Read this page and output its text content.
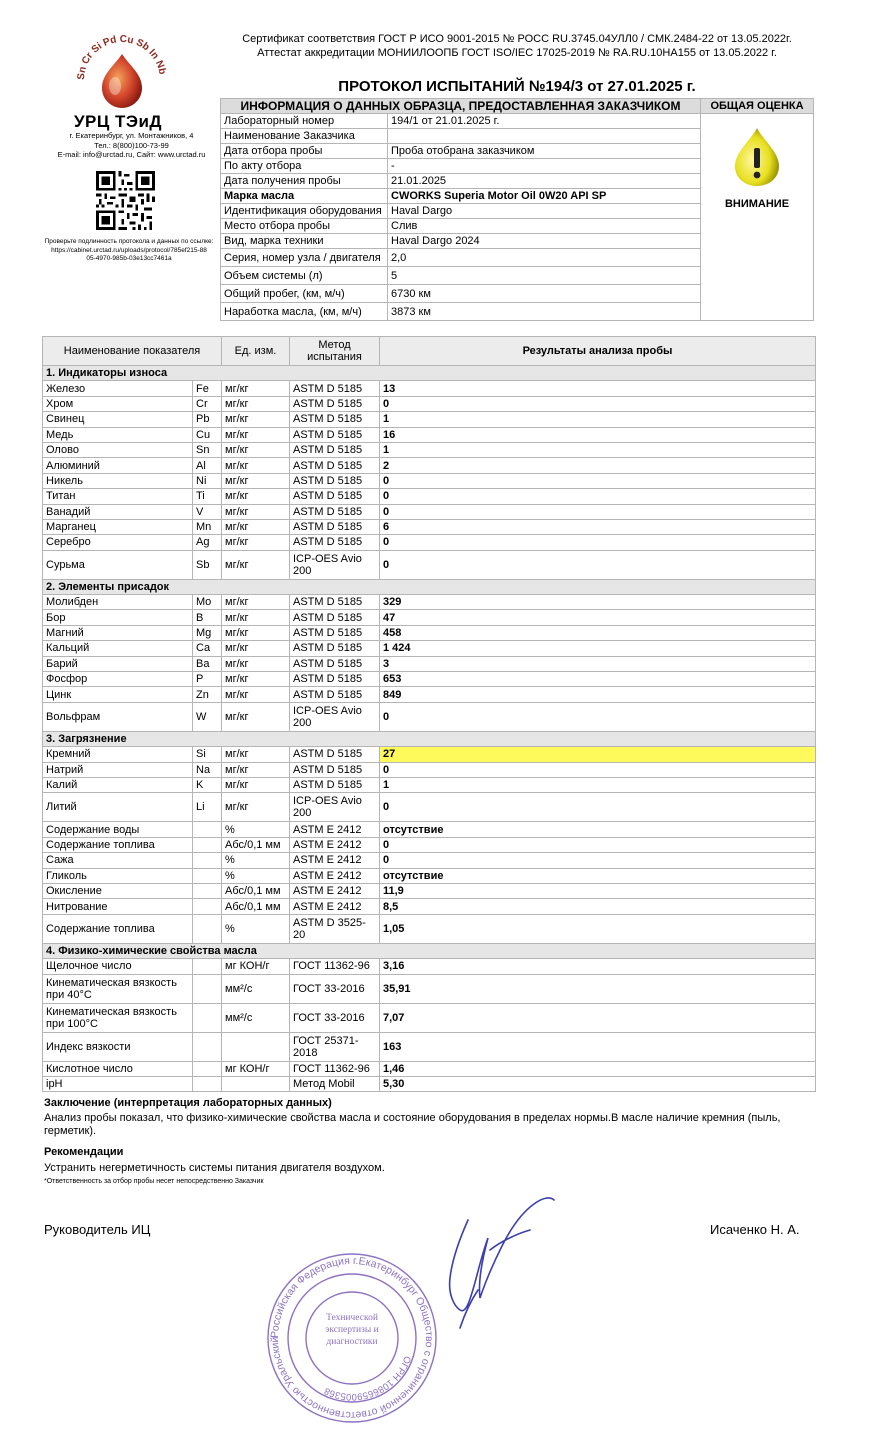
Сертификат соответствия ГОСТ Р ИСО 9001-2015 № РОСС RU.3745.04УЛЛ0 / СМК.2484-22 от 13.05.2022г.
Аттестат аккредитации МОНИИЛООПБ ГОСТ ISO/IEC 17025-2019 № RA.RU.10НА155 от 13.05.2022 г.
Sn Cr Si Pd Cu Sb In Nb
УРЦ ТЭиД
г. Екатеринбург, ул. Монтажников, 4
Тел.: 8(800)100-73-99
E-mail: info@urctad.ru, Сайт: www.urctad.ru
Проверьте подлинность протокола и данных по ссылке:
https://cabinet.urctad.ru/uploads/protocol/785ef215-88
05-4970-985b-03e13cc7461a
ПРОТОКОЛ ИСПЫТАНИЙ №194/3 от 27.01.2025 г.
ИНФОРМАЦИЯ О ДАННЫХ ОБРАЗЦА, ПРЕДОСТАВЛЕННАЯ ЗАКАЗЧИКОМ		ОБЩАЯ ОЦЕНКА
Лабораторный номер	194/1 от 21.01.2025 г.	ВНИМАНИЕ

Наименование Заказчика		
Дата отбора пробы	Проба отобрана заказчиком	
По акту отбора	-	
Дата получения пробы	21.01.2025	
Марка масла	CWORKS Superia Motor Oil 0W20 API SP	
Идентификация оборудования	Haval Dargo	
Место отбора пробы	Слив	
Вид, марка техники	Haval Dargo 2024	
Серия, номер узла / двигателя	2,0	
Объем системы (л)	5	
Общий пробег, (км, м/ч)	6730 км	
Наработка масла, (км, м/ч)	3873 км	
Наименование показателя		Ед. изм.	Метод испытания	Результаты анализа пробы
1. Индикаторы износа				
Железо	Fe	мг/кг	ASTM D 5185	13
Хром	Cr	мг/кг	ASTM D 5185	0
Свинец	Pb	мг/кг	ASTM D 5185	1
Медь	Cu	мг/кг	ASTM D 5185	16
Олово	Sn	мг/кг	ASTM D 5185	1
Алюминий	Al	мг/кг	ASTM D 5185	2
Никель	Ni	мг/кг	ASTM D 5185	0
Титан	Ti	мг/кг	ASTM D 5185	0
Ванадий	V	мг/кг	ASTM D 5185	0
Марганец	Mn	мг/кг	ASTM D 5185	6
Серебро	Ag	мг/кг	ASTM D 5185	0
Сурьма	Sb	мг/кг	ICP-OES Avio 200	0
2. Элементы присадок				
Молибден	Mo	мг/кг	ASTM D 5185	329
Бор	B	мг/кг	ASTM D 5185	47
Магний	Mg	мг/кг	ASTM D 5185	458
Кальций	Ca	мг/кг	ASTM D 5185	1 424
Барий	Ba	мг/кг	ASTM D 5185	3
Фосфор	P	мг/кг	ASTM D 5185	653
Цинк	Zn	мг/кг	ASTM D 5185	849
Вольфрам	W	мг/кг	ICP-OES Avio 200	0
3. Загрязнение				
Кремний	Si	мг/кг	ASTM D 5185	27
Натрий	Na	мг/кг	ASTM D 5185	0
Калий	K	мг/кг	ASTM D 5185	1
Литий	Li	мг/кг	ICP-OES Avio 200	0
Содержание воды		%	ASTM E 2412	отсутствие
Содержание топлива		Абс/0,1 мм	ASTM E 2412	0
Сажа		%	ASTM E 2412	0
Гликоль		%	ASTM E 2412	отсутствие
Окисление		Абс/0,1 мм	ASTM E 2412	11,9
Нитрование		Абс/0,1 мм	ASTM E 2412	8,5
Содержание топлива		%	ASTM D 3525-20	1,05
4. Физико-химические свойства масла				
Щелочное число		мг КОН/г	ГОСТ 11362-96	3,16
Кинематическая вязкость при 40°C		мм²/с	ГОСТ 33-2016	35,91
Кинематическая вязкость при 100°C		мм²/с	ГОСТ 33-2016	7,07
Индекс вязкости			ГОСТ 25371-2018	163
Кислотное число		мг КОН/г	ГОСТ 11362-96	1,46
ipH			Метод Mobil	5,30
Заключение (интерпретация лабораторных данных)
Анализ пробы показал, что физико-химические свойства масла и состояние оборудования в пределах нормы.В масле наличие кремния (пыль, герметик).
Рекомендации
Устранить негерметичность системы питания двигателя воздухом.
*Ответственность за отбор пробы несет непосредственно Заказчик
Руководитель ИЦ	Исаченко Н. А.
Российская Федерация г.Екатеринбург Общество с ограниченной ответственностью Уральский
ОГРН 1086659005368
Технической экспертизы и диагностики
